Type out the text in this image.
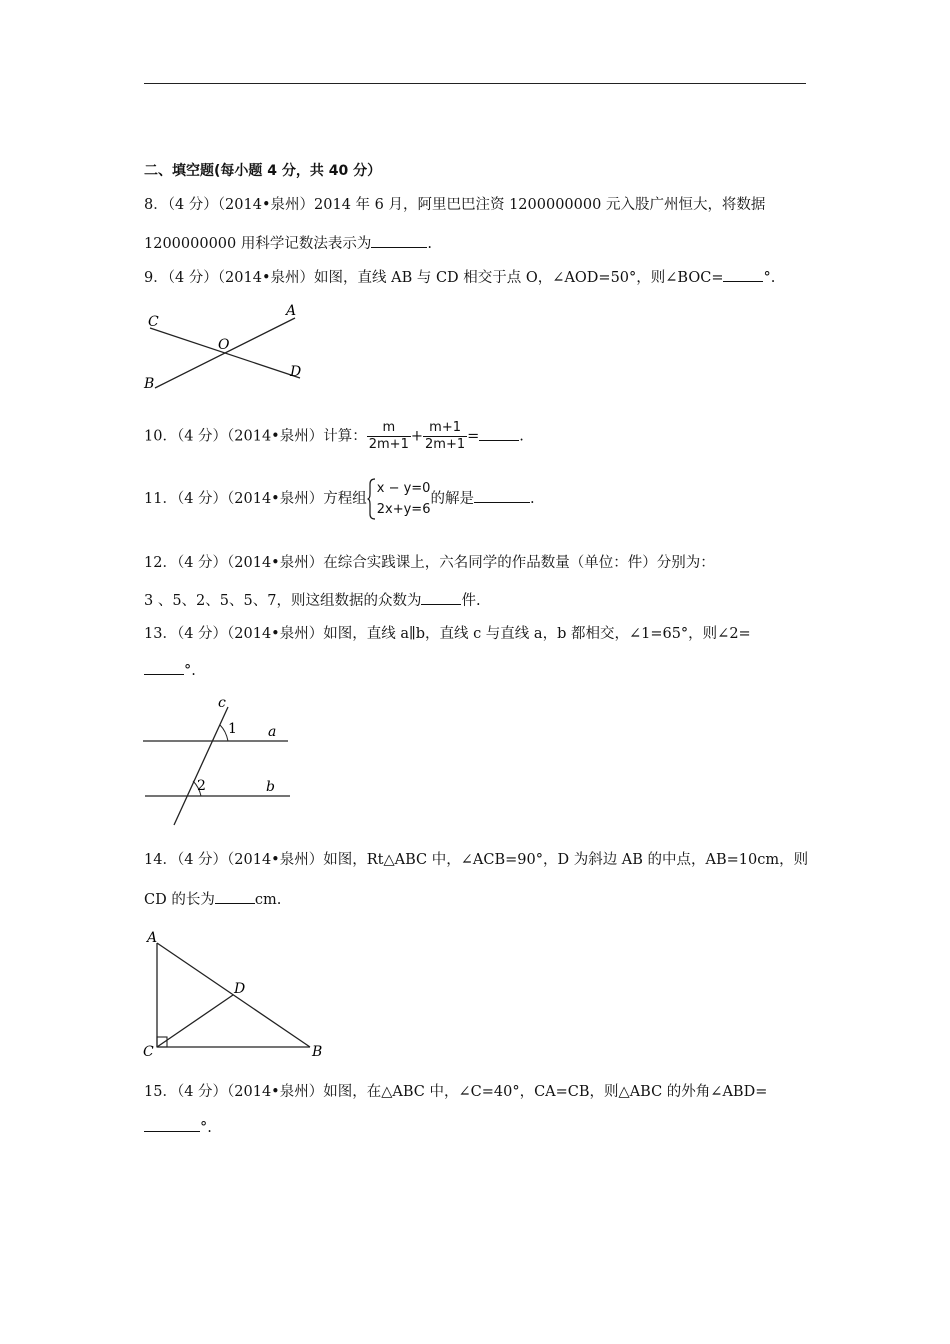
二、填空题(每小题 4 分，共 40 分）
8．（4 分）（2014•泉州）2014 年 6 月，阿里巴巴注资 1200000000 元入股广州恒大，将数据
1200000000 用科学记数法表示为	.
9．（4 分）（2014•泉州）如图，直线 AB 与 CD 相交于点 O，∠AOD=50°，则∠BOC=	°.
C
A
O
B
D
10．（4 分）（2014•泉州）计算： $\frac{m}{2m+1} + \frac{m+1}{2m+1}$ =	.
11．（4 分）（2014•泉州）方程组
x − y=0
2x+y=6
的解是	.
12．（4 分）（2014•泉州）在综合实践课上，六名同学的作品数量（单位：件）分别为：
3 、5、2、5、5、7，则这组数据的众数为	件.
13．（4 分）（2014•泉州）如图，直线 a∥b，直线 c 与直线 a，b 都相交，∠1=65°，则∠2=
°.
c
1 a
2	b
14．（4 分）（2014•泉州）如图，Rt△ABC 中，∠ACB=90°，D 为斜边 AB 的中点，AB=10cm，则
CD 的长为	cm.
A
D
C	B
15．（4 分）（2014•泉州）如图，在△ABC 中，∠C=40°，CA=CB，则△ABC 的外角∠ABD=
°.
